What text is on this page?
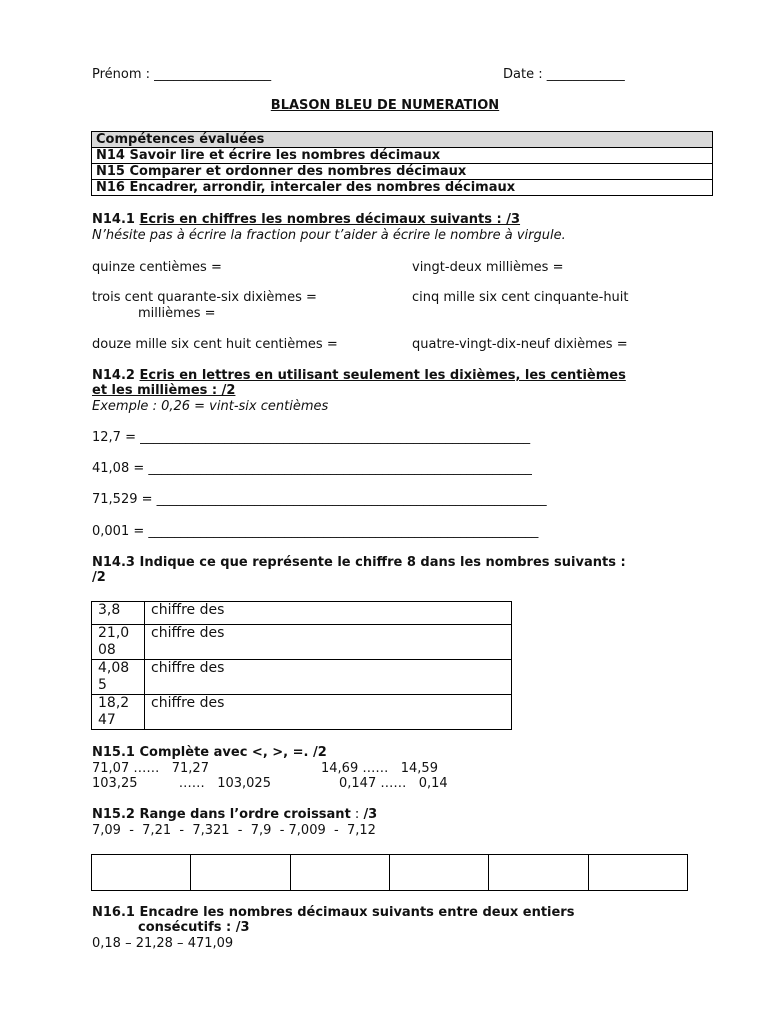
Prénom : __________________	Date : ____________
BLASON BLEU DE NUMERATION
Compétences évaluées
N14 Savoir lire et écrire les nombres décimaux
N15 Comparer et ordonner des nombres décimaux
N16 Encadrer, arrondir, intercaler des nombres décimaux
N14.1 Ecris en chiffres les nombres décimaux suivants : /3
N’hésite pas à écrire la fraction pour t’aider à écrire le nombre à virgule.
quinze centièmes =	vingt-deux millièmes =
trois cent quarante-six dixièmes =	cinq mille six cent cinquante-huit
millièmes =
douze mille six cent huit centièmes =	quatre-vingt-dix-neuf dixièmes =
N14.2 Ecris en lettres en utilisant seulement les dixièmes, les centièmes
et les millièmes : /2
Exemple : 0,26 = vint-six centièmes
12,7 = ____________________________________________________________
41,08 = ___________________________________________________________
71,529 = ____________________________________________________________
0,001 = ____________________________________________________________
N14.3 Indique ce que représente le chiffre 8 dans les nombres suivants :
/2
3,8	chiffre des
21,008	chiffre des
4,085	chiffre des
18,247	chiffre des
N15.1 Complète avec <, >, =. /2
71,07 ……   71,27	14,69 ……   14,59
103,25          ……   103,025	0,147 ……   0,14
N15.2 Range dans l’ordre croissant : /3
7,09  -  7,21  -  7,321  -  7,9  - 7,009  -  7,12

N16.1 Encadre les nombres décimaux suivants entre deux entiers
consécutifs : /3
0,18 – 21,28 – 471,09
